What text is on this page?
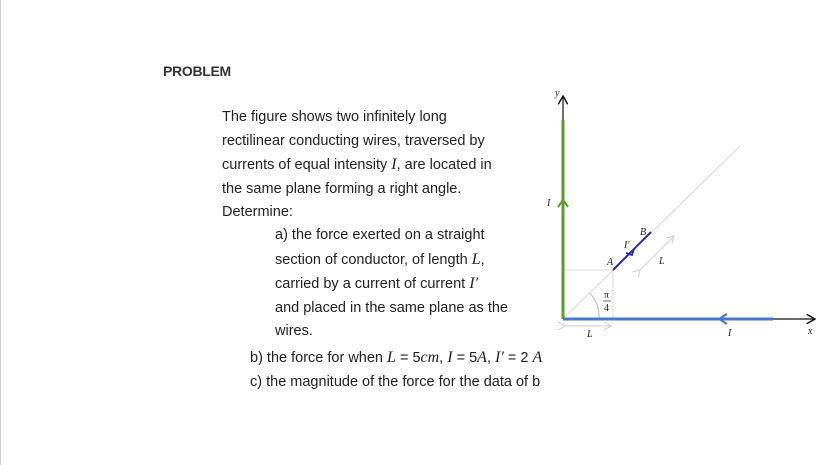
PROBLEM
The figure shows two infinitely long
rectilinear conducting wires, traversed by
currents of equal intensity I, are located in
the same plane forming a right angle.
Determine:
a) the force exerted on a straight
section of conductor, of length L,
carried by a current of current I′
and placed in the same plane as the
wires.
b) the force for when L = 5cm, I = 5A, I′ = 2 A
c) the magnitude of the force for the data of b
y
x
I
I
I′
A
B
L
L
π
4
